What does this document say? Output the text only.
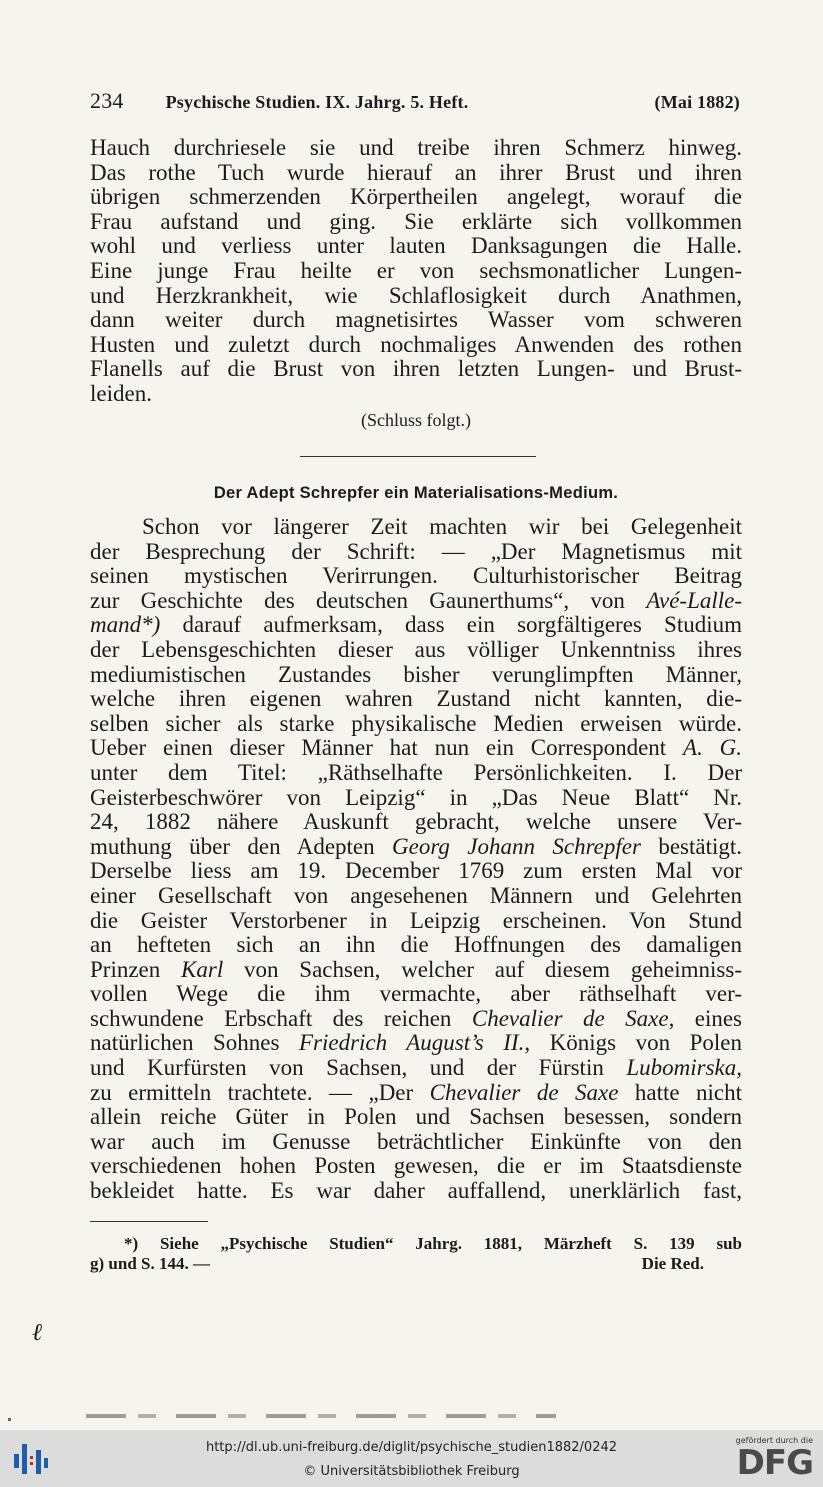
234 Psychische Studien. IX. Jahrg. 5. Heft.	(Mai 1882)
Hauch durchriesele sie und treibe ihren Schmerz hinweg.
Das rothe Tuch wurde hierauf an ihrer Brust und ihren
übrigen schmerzenden Körpertheilen angelegt, worauf die
Frau aufstand und ging. Sie erklärte sich vollkommen
wohl und verliess unter lauten Danksagungen die Halle.
Eine junge Frau heilte er von sechsmonatlicher Lungen-
und Herzkrankheit, wie Schlaflosigkeit durch Anathmen,
dann weiter durch magnetisirtes Wasser vom schweren
Husten und zuletzt durch nochmaliges Anwenden des rothen
Flanells auf die Brust von ihren letzten Lungen- und Brust-
leiden.
(Schluss folgt.)
Der Adept Schrepfer ein Materialisations-Medium.
Schon vor längerer Zeit machten wir bei Gelegenheit
der Besprechung der Schrift: — „Der Magnetismus mit
seinen mystischen Verirrungen. Culturhistorischer Beitrag
zur Geschichte des deutschen Gaunerthums“, von Avé-Lalle-
mand*) darauf aufmerksam, dass ein sorgfältigeres Studium
der Lebensgeschichten dieser aus völliger Unkenntniss ihres
mediumistischen Zustandes bisher verunglimpften Männer,
welche ihren eigenen wahren Zustand nicht kannten, die-
selben sicher als starke physikalische Medien erweisen würde.
Ueber einen dieser Männer hat nun ein Correspondent A. G.
unter dem Titel: „Räthselhafte Persönlichkeiten. I. Der
Geisterbeschwörer von Leipzig“ in „Das Neue Blatt“ Nr.
24, 1882 nähere Auskunft gebracht, welche unsere Ver-
muthung über den Adepten Georg Johann Schrepfer bestätigt.
Derselbe liess am 19. December 1769 zum ersten Mal vor
einer Gesellschaft von angesehenen Männern und Gelehrten
die Geister Verstorbener in Leipzig erscheinen. Von Stund
an hefteten sich an ihn die Hoffnungen des damaligen
Prinzen Karl von Sachsen, welcher auf diesem geheimniss-
vollen Wege die ihm vermachte, aber räthselhaft ver-
schwundene Erbschaft des reichen Chevalier de Saxe, eines
natürlichen Sohnes Friedrich August’s II., Königs von Polen
und Kurfürsten von Sachsen, und der Fürstin Lubomirska,
zu ermitteln trachtete. — „Der Chevalier de Saxe hatte nicht
allein reiche Güter in Polen und Sachsen besessen, sondern
war auch im Genusse beträchtlicher Einkünfte von den
verschiedenen hohen Posten gewesen, die er im Staatsdienste
bekleidet hatte. Es war daher auffallend, unerklärlich fast,
*) Siehe „Psychische Studien“ Jahrg. 1881, Märzheft S. 139 sub
g) und S. 144. —	Die Red.
ℓ
http://dl.ub.uni-freiburg.de/diglit/psychische_studien1882/0242
© Universitätsbibliothek Freiburg
gefördert durch die
DFG
